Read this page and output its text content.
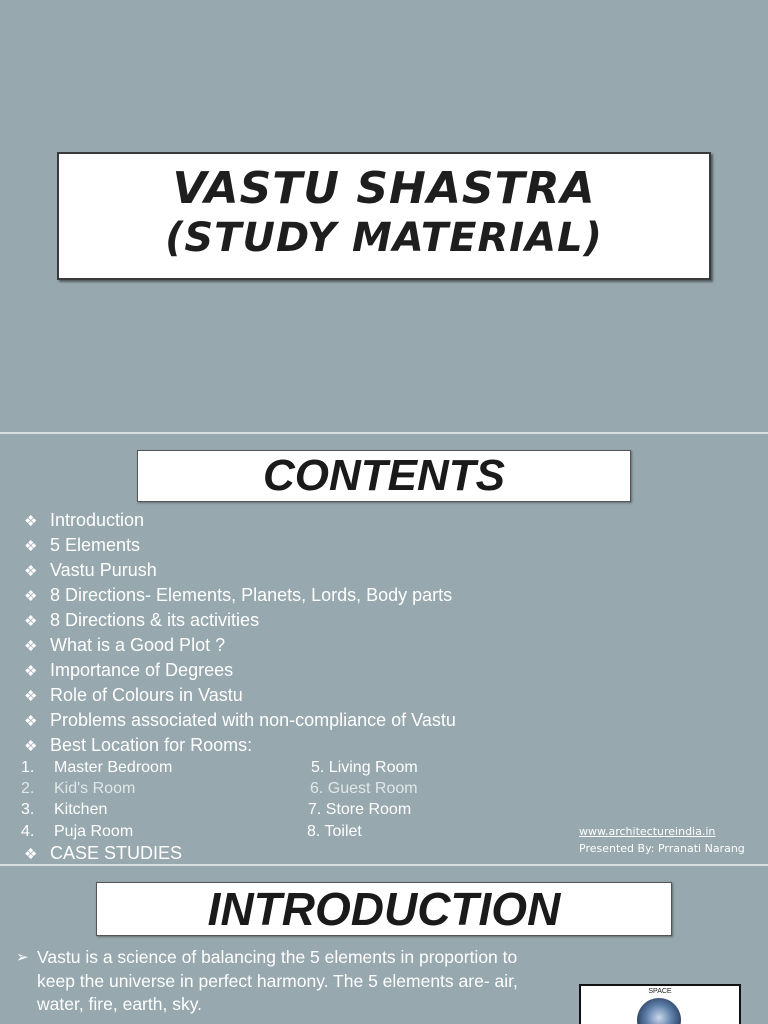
VASTU SHASTRA
(STUDY MATERIAL)
CONTENTS
❖ Introduction
❖ 5 Elements
❖ Vastu Purush
❖ 8 Directions- Elements, Planets, Lords, Body parts
❖ 8 Directions & its activities
❖ What is a Good Plot ?
❖ Importance of Degrees
❖ Role of Colours in Vastu
❖ Problems associated with non-compliance of Vastu
❖ Best Location for Rooms:
1. Master Bedroom
2. Kid's Room
3. Kitchen
4. Puja Room
5. Living Room
6. Guest Room
7. Store Room
8. Toilet
❖ CASE STUDIES
www.architectureindia.in
Presented By: Prranati Narang
INTRODUCTION
➢ Vastu is a science of balancing the 5 elements in proportion to keep the universe in perfect harmony. The 5 elements are- air, water, fire, earth, sky.
SPACE
